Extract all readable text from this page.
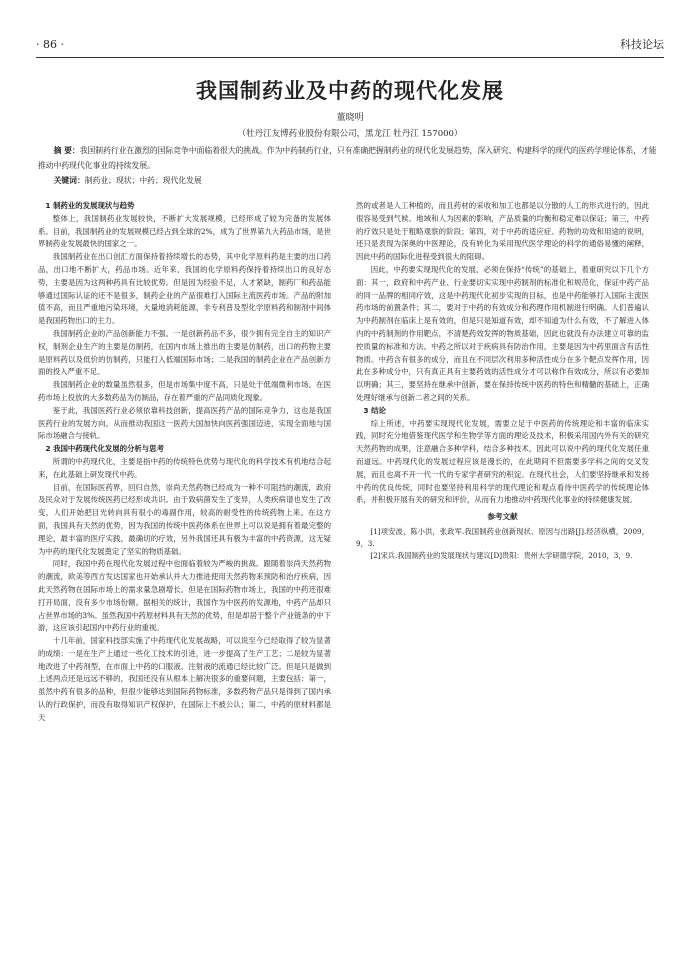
· 86 ·	科技论坛
我国制药业及中药的现代化发展
董晓明
（牡丹江友博药业股份有限公司，黑龙江 牡丹江 157000）
摘 要：我国制药行业在激烈的国际竞争中面临着很大的挑战。作为中药制药行业，只有准确把握制药业的现代化发展趋势，深入研究、构建科学的现代的医药学理论体系，才能推动中药现代化事业的持续发展。
关键词：制药业；现状；中药；现代化发展
1 制药业的发展现状与趋势

整体上，我国制药业发展较快，不断扩大发展规模，已经形成了较为完备的发展体系。目前，我国制药业的发展规模已经占到全球的2%，成为了世界第九大药品市场，是世界制药业发展最快的国家之一。

我国制药业在出口创汇方面保持着持续增长的态势，其中化学原料药是主要的出口药品，出口地不断扩大，药品市场。近年来，我国的化学原料药保持着持续出口的良好态势，主要是因为这两种药具有比较优势。但是因为经验不足，人才紧缺，制药厂和药品能够通过国际认证的还不是很多，制药企业的产品很难打入国际主流医药市场。产品的附加值不高，而且严重地污染环境，大量地消耗能源，非专利普及型化学原料药和制剂中间体是我国药物出口的主力。

我国制药企业的产品创新能力不强。一是创新药品不多，很少拥有完全自主的知识产权，制剂企业生产的主要是仿制药，在国内市场上推出的主要是仿制药，出口的药物主要是原料药以及低价的仿制药，只能打入低端国际市场；二是我国的制药企业在产品创新方面的投入严重不足。

我国制药企业的数量虽然很多，但是市场集中度不高，只是处于低端微利市场。在医药市场上投放的大多数药品为仿制品，存在着严重的产品同质化现象。

鉴于此，我国医药行业必须依靠科技创新，提高医药产品的国际竞争力，这也是我国医药行业的发展方向。从而推动我国这一医药大国加快向医药强国迈进，实现全面地与国际市场融合与接轨。

2 我国中药现代化发展的分析与思考

所谓的中药现代化，主要是指中药的传统特色优势与现代化的科学技术有机地结合起来，在此基础上研发现代中药。

目前，在国际医药界，回归自然，崇尚天然药物已经成为一种不可阻挡的潮流，政府及民众对于发展传统医药已经形成共识。由于致病菌发生了变异，人类疾病谱也发生了改变，人们开始把目光转向具有很小的毒副作用，较高的耐受性的传统药物上来。在这方面，我国具有天然的优势，因为我国的传统中医药体系在世界上可以说是拥有着最完整的理论，最丰富的医疗实践，最确切的疗效，另外我国还具有极为丰富的中药资源，这无疑为中药的现代化发展奠定了坚实的物质基础。

同时，我国中药在现代化发展过程中也面临着较为严峻的挑战。跟随着崇尚天然药物的潮流，欧美等西方发达国家也开始承认并大力推进使用天然药物来预防和治疗疾病，因此天然药物在国际市场上的需求量急剧增长。但是在国际药物市场上，我国的中药还很难打开局面，没有多少市场份额。据相关的统计，我国作为中医药的发源地，中药产品却只占世界市场的3%。虽然我国中药原材料具有天然的优势，但是却居于整个产业链条的中下游，这应该引起国内中药行业的重视。

十几年前，国家科技部实施了中药现代化发展战略，可以说至今已经取得了较为显著的成绩：一是在生产上通过一些化工技术的引进，进一步提高了生产工艺；二是较为显著地改进了中药剂型，在市面上中药的口服液、注射液的流通已经比较广泛。但是只是做到上述两点还是远远不够的，我国还没有从根本上解决很多的重要问题，主要包括：第一，虽然中药有很多的品种，但很少能够达到国际药物标准，多数药物产品只是得到了国内承认的行政保护，而没有取得知识产权保护，在国际上不被公认；第二，中药的原材料都是天

然的或者是人工种植的，而且药材的采收和加工也都是以分散的人工的形式进行的，因此很容易受到气候、地域和人为因素的影响，产品质量的均衡和稳定难以保证；第三，中药的疗效只是处于粗略观察的阶段；第四，对于中药的适应症、药物的功效和用途的说明，还只是表现为深奥的中医理论，没有转化为采用现代医学理论的科学的通俗易懂的阐释，因此中药的国际化进程受到很大的阻碍。

因此，中药要实现现代化的发展，必须在保持“传统”的基础上，着重研究以下几个方面：其一，政府和中药产业、行业要切实实现中药制剂的标准化和规范化，保证中药产品的同一品牌的相同疗效，这是中药现代化初步实现的目标，也是中药能够打入国际主流医药市场的前置条件；其二，要对于中药的有效成分和药理作用机制进行明确。人们普遍认为中药制剂在临床上是有效的，但是只是知道有效，却不知道为什么有效，不了解进入体内的中药制剂的作用靶点，不清楚药效发挥的物质基础，因此也就没有办法建立可靠的监控质量的标准和方法。中药之所以对于疾病具有防治作用，主要是因为中药里面含有活性物质。中药含有很多的成分，而且在不同层次利用多种活性成分在多个靶点发挥作用，因此在多种成分中，只有真正具有主要药效的活性成分才可以称作有效成分，所以有必要加以明确；其三，要坚持在继承中创新，要在保持传统中医药的特色和精髓的基础上，正确处理好继承与创新二者之间的关系。

3 结论

综上所述，中药要实现现代化发展，需要立足于中医药的传统理论和丰富的临床实践，同时充分地借鉴现代医学和生物学等方面的理论及技术，积极采用国内外有关的研究天然药物的成果，注意融合多种学科，结合多种技术，因此可以说中药的现代化发展任重而道远。中药现代化的发展过程应该是漫长的，在此期间不但需要多学科之间的交叉发展，而且也离不开一代一代的专家学者研究的积淀。在现代社会，人们要坚持继承和发扬中药的优良传统，同时也要坚持利用科学的现代理论和观点看待中医药学的传统理论体系，并积极开展有关的研究和评价，从而有力地推动中药现代化事业的持续健康发展。

参考文献

[1]项安波，陈小洪，张政军.我国制药业创新现状、原因与出路[J].经济纵横，2009，9，3.

[2]宋兵.我国制药业的发展现状与建议[D]贵阳：贵州大学研德学院，2010，3，9.
